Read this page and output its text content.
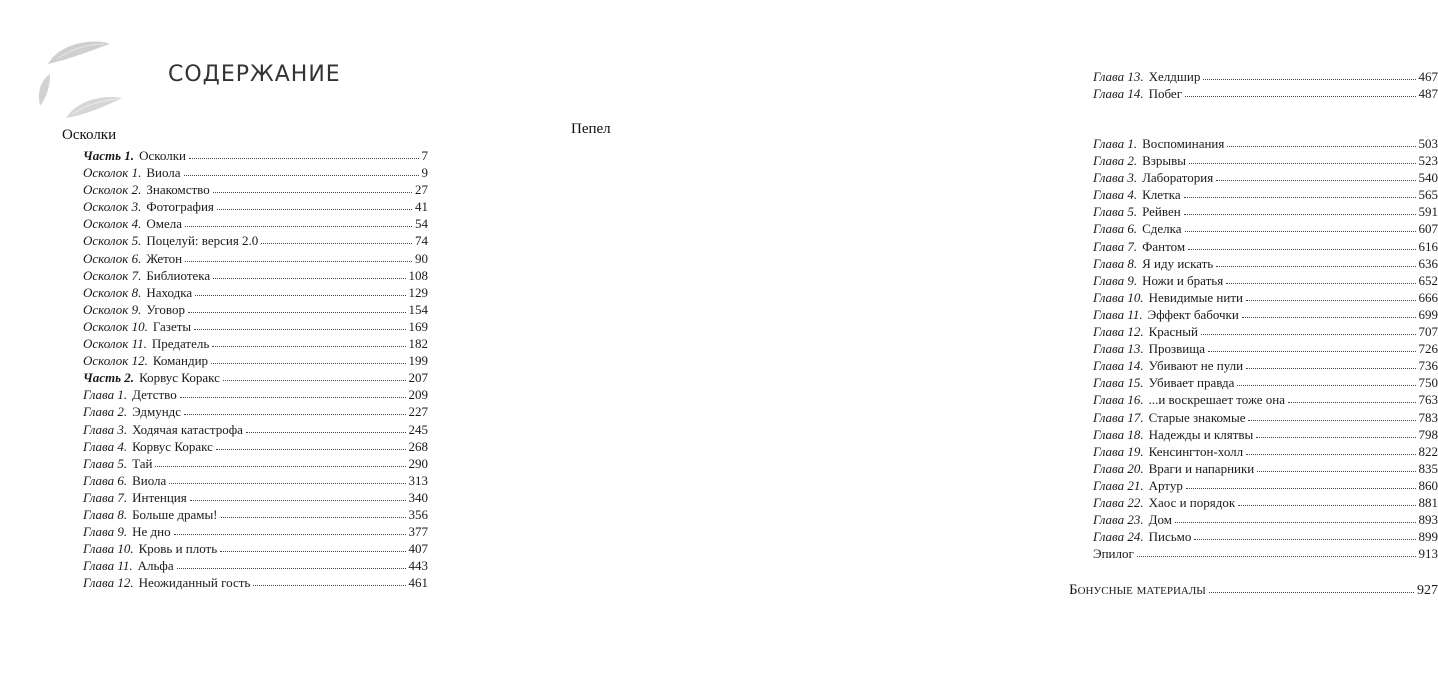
СОДЕРЖАНИЕ
Осколки
Часть 1. Осколки	7
Осколок 1. Виола	9
Осколок 2. Знакомство	27
Осколок 3. Фотография	41
Осколок 4. Омела	54
Осколок 5. Поцелуй: версия 2.0	74
Осколок 6. Жетон	90
Осколок 7. Библиотека	108
Осколок 8. Находка	129
Осколок 9. Уговор	154
Осколок 10. Газеты	169
Осколок 11. Предатель	182
Осколок 12. Командир	199
Часть 2. Корвус Коракс	207
Глава 1. Детство	209
Глава 2. Эдмундс	227
Глава 3. Ходячая катастрофа	245
Глава 4. Корвус Коракс	268
Глава 5. Тай	290
Глава 6. Виола	313
Глава 7. Интенция	340
Глава 8. Больше драмы!	356
Глава 9. Не дно	377
Глава 10. Кровь и плоть	407
Глава 11. Альфа	443
Глава 12. Неожиданный гость	461
Глава 13. Хелдшир	467
Глава 14. Побег	487
Пепел
Глава 1. Воспоминания	503
Глава 2. Взрывы	523
Глава 3. Лаборатория	540
Глава 4. Клетка	565
Глава 5. Рейвен	591
Глава 6. Сделка	607
Глава 7. Фантом	616
Глава 8. Я иду искать	636
Глава 9. Ножи и братья	652
Глава 10. Невидимые нити	666
Глава 11. Эффект бабочки	699
Глава 12. Красный	707
Глава 13. Прозвища	726
Глава 14. Убивают не пули	736
Глава 15. Убивает правда	750
Глава 16. ...и воскрешает тоже она	763
Глава 17. Старые знакомые	783
Глава 18. Надежды и клятвы	798
Глава 19. Кенсингтон-холл	822
Глава 20. Враги и напарники	835
Глава 21. Артур	860
Глава 22. Хаос и порядок	881
Глава 23. Дом	893
Глава 24. Письмо	899
Эпилог	913
Бонусные материалы	927
